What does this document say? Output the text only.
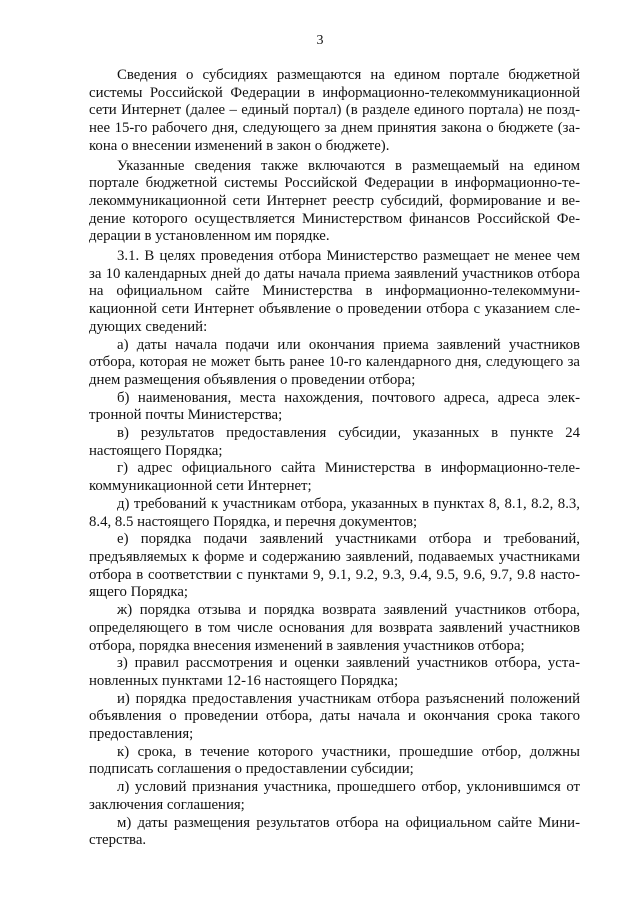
3

Сведения о субсидиях размещаются на едином портале бюджетной системы Российской Федерации в информационно-телекоммуникационной сети Интернет (далее – единый портал) (в разделе единого портала) не позднее 15-го рабочего дня, следующего за днем принятия закона о бюджете (закона о внесении изменений в закон о бюджете).

Указанные сведения также включаются в размещаемый на едином портале бюджетной системы Российской Федерации в информационно-телекоммуникационной сети Интернет реестр субсидий, формирование и ведение которого осуществляется Министерством финансов Российской Федерации в установленном им порядке.

3.1. В целях проведения отбора Министерство размещает не менее чем за 10 календарных дней до даты начала приема заявлений участников отбора на официальном сайте Министерства в информационно-телекоммуникационной сети Интернет объявление о проведении отбора с указанием следующих сведений:

а) даты начала подачи или окончания приема заявлений участников отбора, которая не может быть ранее 10-го календарного дня, следующего за днем размещения объявления о проведении отбора;

б) наименования, места нахождения, почтового адреса, адреса электронной почты Министерства;

в) результатов предоставления субсидии, указанных в пункте 24 настоящего Порядка;

г) адрес официального сайта Министерства в информационно-телекоммуникационной сети Интернет;

д) требований к участникам отбора, указанных в пунктах 8, 8.1, 8.2, 8.3, 8.4, 8.5 настоящего Порядка, и перечня документов;

е) порядка подачи заявлений участниками отбора и требований, предъявляемых к форме и содержанию заявлений, подаваемых участниками отбора в соответствии с пунктами 9, 9.1, 9.2, 9.3, 9.4, 9.5, 9.6, 9.7, 9.8 настоящего Порядка;

ж) порядка отзыва и порядка возврата заявлений участников отбора, определяющего в том числе основания для возврата заявлений участников отбора, порядка внесения изменений в заявления участников отбора;

з) правил рассмотрения и оценки заявлений участников отбора, установленных пунктами 12-16 настоящего Порядка;

и) порядка предоставления участникам отбора разъяснений положений объявления о проведении отбора, даты начала и окончания срока такого предоставления;

к) срока, в течение которого участники, прошедшие отбор, должны подписать соглашения о предоставлении субсидии;

л) условий признания участника, прошедшего отбор, уклонившимся от заключения соглашения;

м) даты размещения результатов отбора на официальном сайте Министерства.
